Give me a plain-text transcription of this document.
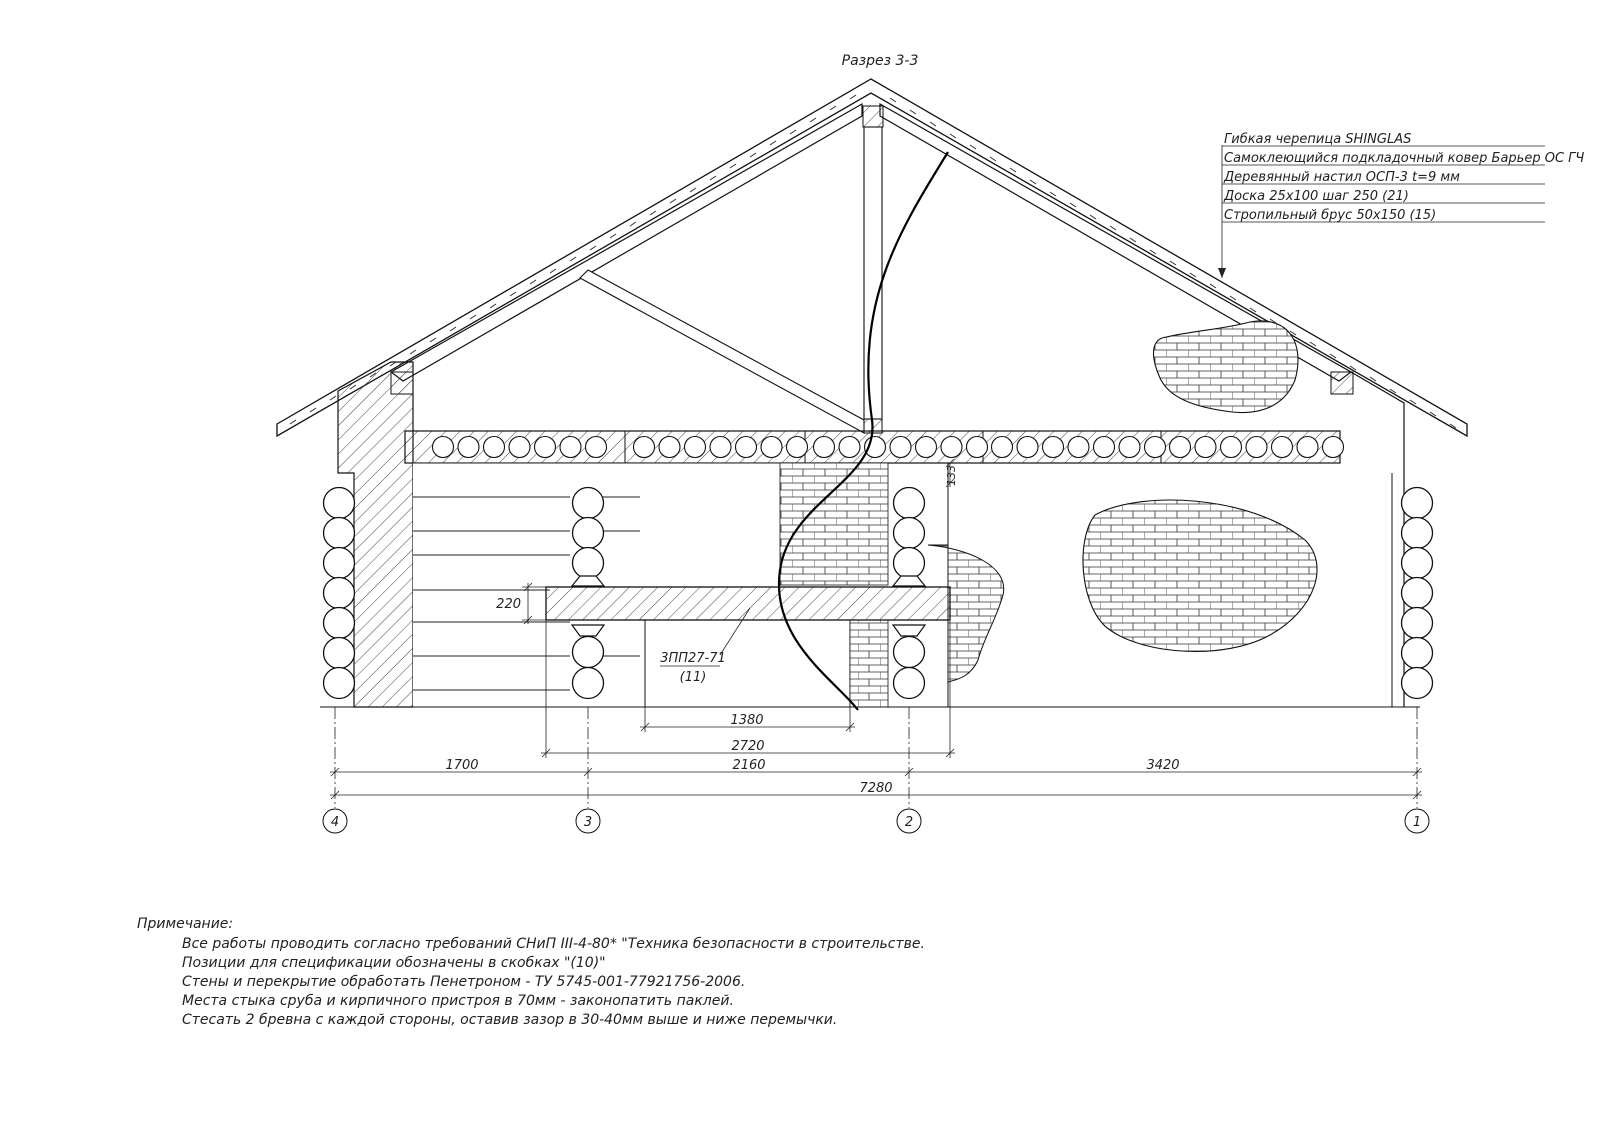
Разрез 3-3
3ПП27-71
(11)
Гибкая черепица SHINGLAS
Самоклеющийся подкладочный ковер Барьер ОС ГЧ
Деревянный настил ОСП-3 t=9 мм
Доска 25х100 шаг 250 (21)
Стропильный брус 50х150 (15)
220
133
1380
2720
1700	2160	3420
7280
4	3	2	1
Примечание:
Все работы проводить согласно требований СНиП III-4-80* "Техника безопасности в строительстве.
Позиции для спецификации обозначены в скобках "(10)"
Стены и перекрытие обработать Пенетроном - ТУ 5745-001-77921756-2006.
Места стыка сруба и кирпичного пристроя в 70мм - законопатить паклей.
Стесать 2 бревна с каждой стороны, оставив зазор в 30-40мм выше и ниже перемычки.
